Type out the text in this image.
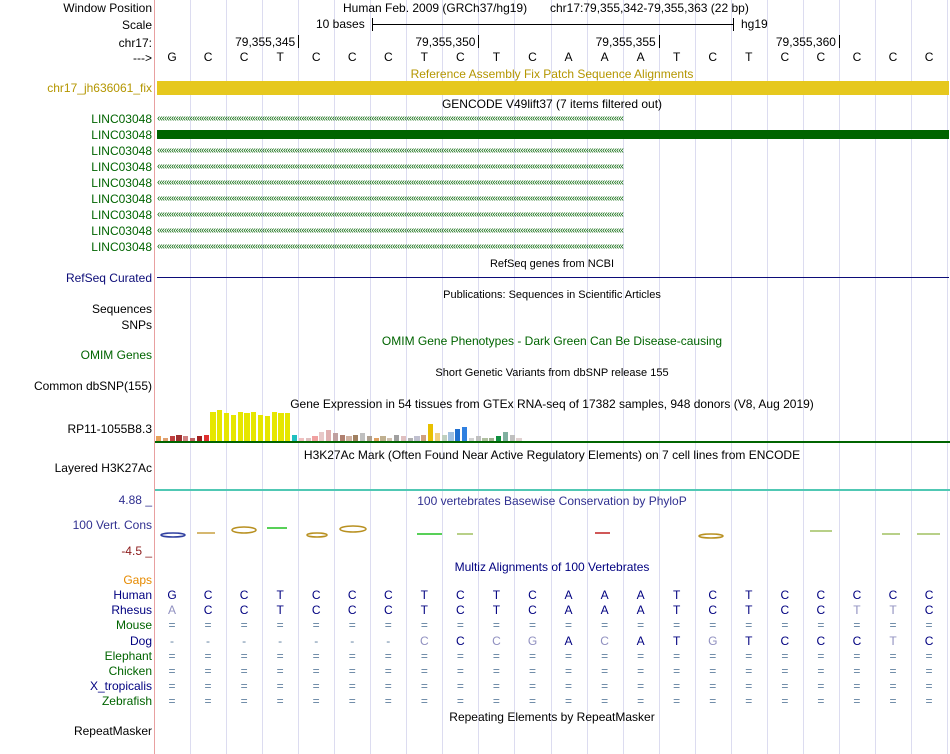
Window Position
Scale
chr17:
--->
Human Feb. 2009 (GRCh37/hg19) chr17:79,355,342-79,355,363 (22 bp)
10 bases	hg19
79,355,345	79,355,350	79,355,355	79,355,360
G	C	C	T	C	C	C	T	C	T	C	A	A	A	T	C	T	C	C	C	C	C
Reference Assembly Fix Patch Sequence Alignments
chr17_jh636061_fix
GENCODE V49lift37 (7 items filtered out)
LINC03048 ‹‹‹‹‹‹‹‹‹‹‹‹‹‹‹‹‹‹‹‹‹‹‹‹‹‹‹‹‹‹‹‹‹‹‹‹‹‹‹‹‹‹‹‹‹‹‹‹‹‹‹‹‹‹‹‹‹‹‹‹‹‹‹‹‹‹‹‹‹‹‹‹‹‹‹‹‹‹‹‹‹‹‹‹‹‹‹‹‹‹‹‹‹‹‹‹‹‹‹‹‹‹‹‹‹‹‹‹‹‹‹‹‹‹‹‹‹‹‹‹‹‹‹‹‹‹‹‹‹‹‹‹‹‹‹‹‹‹‹‹‹‹‹‹‹‹‹‹‹‹‹‹‹‹‹‹‹‹‹‹‹‹‹‹‹‹‹‹‹‹‹‹‹‹‹‹‹‹‹‹‹‹‹‹‹‹‹‹‹‹‹‹‹‹‹‹‹‹‹‹
LINC03048
LINC03048 ‹‹‹‹‹‹‹‹‹‹‹‹‹‹‹‹‹‹‹‹‹‹‹‹‹‹‹‹‹‹‹‹‹‹‹‹‹‹‹‹‹‹‹‹‹‹‹‹‹‹‹‹‹‹‹‹‹‹‹‹‹‹‹‹‹‹‹‹‹‹‹‹‹‹‹‹‹‹‹‹‹‹‹‹‹‹‹‹‹‹‹‹‹‹‹‹‹‹‹‹‹‹‹‹‹‹‹‹‹‹‹‹‹‹‹‹‹‹‹‹‹‹‹‹‹‹‹‹‹‹‹‹‹‹‹‹‹‹‹‹‹‹‹‹‹‹‹‹‹‹‹‹‹‹‹‹‹‹‹‹‹‹‹‹‹‹‹‹‹‹‹‹‹‹‹‹‹‹‹‹‹‹‹‹‹‹‹‹‹‹‹‹‹‹‹‹‹‹‹‹
LINC03048 ‹‹‹‹‹‹‹‹‹‹‹‹‹‹‹‹‹‹‹‹‹‹‹‹‹‹‹‹‹‹‹‹‹‹‹‹‹‹‹‹‹‹‹‹‹‹‹‹‹‹‹‹‹‹‹‹‹‹‹‹‹‹‹‹‹‹‹‹‹‹‹‹‹‹‹‹‹‹‹‹‹‹‹‹‹‹‹‹‹‹‹‹‹‹‹‹‹‹‹‹‹‹‹‹‹‹‹‹‹‹‹‹‹‹‹‹‹‹‹‹‹‹‹‹‹‹‹‹‹‹‹‹‹‹‹‹‹‹‹‹‹‹‹‹‹‹‹‹‹‹‹‹‹‹‹‹‹‹‹‹‹‹‹‹‹‹‹‹‹‹‹‹‹‹‹‹‹‹‹‹‹‹‹‹‹‹‹‹‹‹‹‹‹‹‹‹‹‹‹‹
LINC03048 ‹‹‹‹‹‹‹‹‹‹‹‹‹‹‹‹‹‹‹‹‹‹‹‹‹‹‹‹‹‹‹‹‹‹‹‹‹‹‹‹‹‹‹‹‹‹‹‹‹‹‹‹‹‹‹‹‹‹‹‹‹‹‹‹‹‹‹‹‹‹‹‹‹‹‹‹‹‹‹‹‹‹‹‹‹‹‹‹‹‹‹‹‹‹‹‹‹‹‹‹‹‹‹‹‹‹‹‹‹‹‹‹‹‹‹‹‹‹‹‹‹‹‹‹‹‹‹‹‹‹‹‹‹‹‹‹‹‹‹‹‹‹‹‹‹‹‹‹‹‹‹‹‹‹‹‹‹‹‹‹‹‹‹‹‹‹‹‹‹‹‹‹‹‹‹‹‹‹‹‹‹‹‹‹‹‹‹‹‹‹‹‹‹‹‹‹‹‹‹‹
LINC03048 ‹‹‹‹‹‹‹‹‹‹‹‹‹‹‹‹‹‹‹‹‹‹‹‹‹‹‹‹‹‹‹‹‹‹‹‹‹‹‹‹‹‹‹‹‹‹‹‹‹‹‹‹‹‹‹‹‹‹‹‹‹‹‹‹‹‹‹‹‹‹‹‹‹‹‹‹‹‹‹‹‹‹‹‹‹‹‹‹‹‹‹‹‹‹‹‹‹‹‹‹‹‹‹‹‹‹‹‹‹‹‹‹‹‹‹‹‹‹‹‹‹‹‹‹‹‹‹‹‹‹‹‹‹‹‹‹‹‹‹‹‹‹‹‹‹‹‹‹‹‹‹‹‹‹‹‹‹‹‹‹‹‹‹‹‹‹‹‹‹‹‹‹‹‹‹‹‹‹‹‹‹‹‹‹‹‹‹‹‹‹‹‹‹‹‹‹‹‹‹‹
LINC03048 ‹‹‹‹‹‹‹‹‹‹‹‹‹‹‹‹‹‹‹‹‹‹‹‹‹‹‹‹‹‹‹‹‹‹‹‹‹‹‹‹‹‹‹‹‹‹‹‹‹‹‹‹‹‹‹‹‹‹‹‹‹‹‹‹‹‹‹‹‹‹‹‹‹‹‹‹‹‹‹‹‹‹‹‹‹‹‹‹‹‹‹‹‹‹‹‹‹‹‹‹‹‹‹‹‹‹‹‹‹‹‹‹‹‹‹‹‹‹‹‹‹‹‹‹‹‹‹‹‹‹‹‹‹‹‹‹‹‹‹‹‹‹‹‹‹‹‹‹‹‹‹‹‹‹‹‹‹‹‹‹‹‹‹‹‹‹‹‹‹‹‹‹‹‹‹‹‹‹‹‹‹‹‹‹‹‹‹‹‹‹‹‹‹‹‹‹‹‹‹‹
LINC03048 ‹‹‹‹‹‹‹‹‹‹‹‹‹‹‹‹‹‹‹‹‹‹‹‹‹‹‹‹‹‹‹‹‹‹‹‹‹‹‹‹‹‹‹‹‹‹‹‹‹‹‹‹‹‹‹‹‹‹‹‹‹‹‹‹‹‹‹‹‹‹‹‹‹‹‹‹‹‹‹‹‹‹‹‹‹‹‹‹‹‹‹‹‹‹‹‹‹‹‹‹‹‹‹‹‹‹‹‹‹‹‹‹‹‹‹‹‹‹‹‹‹‹‹‹‹‹‹‹‹‹‹‹‹‹‹‹‹‹‹‹‹‹‹‹‹‹‹‹‹‹‹‹‹‹‹‹‹‹‹‹‹‹‹‹‹‹‹‹‹‹‹‹‹‹‹‹‹‹‹‹‹‹‹‹‹‹‹‹‹‹‹‹‹‹‹‹‹‹‹‹
LINC03048 ‹‹‹‹‹‹‹‹‹‹‹‹‹‹‹‹‹‹‹‹‹‹‹‹‹‹‹‹‹‹‹‹‹‹‹‹‹‹‹‹‹‹‹‹‹‹‹‹‹‹‹‹‹‹‹‹‹‹‹‹‹‹‹‹‹‹‹‹‹‹‹‹‹‹‹‹‹‹‹‹‹‹‹‹‹‹‹‹‹‹‹‹‹‹‹‹‹‹‹‹‹‹‹‹‹‹‹‹‹‹‹‹‹‹‹‹‹‹‹‹‹‹‹‹‹‹‹‹‹‹‹‹‹‹‹‹‹‹‹‹‹‹‹‹‹‹‹‹‹‹‹‹‹‹‹‹‹‹‹‹‹‹‹‹‹‹‹‹‹‹‹‹‹‹‹‹‹‹‹‹‹‹‹‹‹‹‹‹‹‹‹‹‹‹‹‹‹‹‹‹
RefSeq genes from NCBI
RefSeq Curated
Publications: Sequences in Scientific Articles
Sequences
SNPs
OMIM Gene Phenotypes - Dark Green Can Be Disease-causing
OMIM Genes
Short Genetic Variants from dbSNP release 155
Common dbSNP(155)
Gene Expression in 54 tissues from GTEx RNA-seq of 17382 samples, 948 donors (V8, Aug 2019)
RP11-1055B8.3
H3K27Ac Mark (Often Found Near Active Regulatory Elements) on 7 cell lines from ENCODE
Layered H3K27Ac
100 vertebrates Basewise Conservation by PhyloP
4.88 _
100 Vert. Cons
-4.5 _
Multiz Alignments of 100 Vertebrates
Gaps
Human	G	C	C	T	C	C	C	T	C	T	C	A	A	A	T	C	T	C	C	C	C	C
Rhesus	A	C	C	T	C	C	C	T	C	T	C	A	A	A	T	C	T	C	C	T	T	C
Mouse	=	=	=	=	=	=	=	=	=	=	=	=	=	=	=	=	=	=	=	=	=	=
Dog	-	-	-	-	-	-	-	C	C	C	G	A	C	A	T	G	T	C	C	C	T	C
Elephant	=	=	=	=	=	=	=	=	=	=	=	=	=	=	=	=	=	=	=	=	=	=
Chicken	=	=	=	=	=	=	=	=	=	=	=	=	=	=	=	=	=	=	=	=	=	=
X_tropicalis	=	=	=	=	=	=	=	=	=	=	=	=	=	=	=	=	=	=	=	=	=	=
Zebrafish	=	=	=	=	=	=	=	=	=	=	=	=	=	=	=	=	=	=	=	=	=	=
Repeating Elements by RepeatMasker
RepeatMasker
